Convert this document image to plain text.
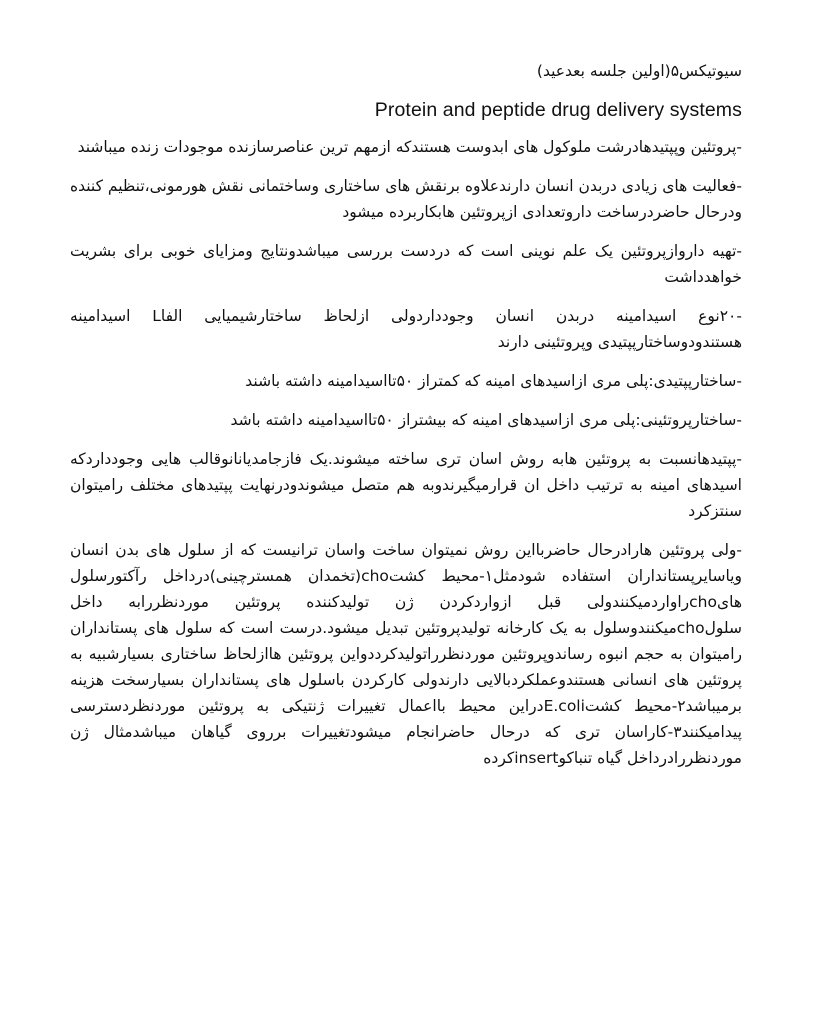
سیوتیکس۵(اولین جلسه بعدعید)
Protein and peptide drug delivery systems

-پروتئین وپپتیدهادرشت ملوکول های ابدوست هستندکه ازمهم ترین عناصرسازنده موجودات زنده میباشند

-فعالیت های زیادی دربدن انسان دارندعلاوه برنقش های ساختاری وساختمانی نقش هورمونی،تنظیم کننده ودرحال حاضردرساخت داروتعدادی ازپروتئین هابکاربرده میشود

-تهیه داروازپروتئین یک علم نوینی است که دردست بررسی میباشدونتایج ومزایای خوبی برای بشریت خواهدداشت

-۲۰نوع اسیدامینه دربدن انسان وجودداردولی ازلحاظ ساختارشیمیایی الفاL اسیدامینه هستندودوساختارپپتیدی وپروتئینی دارند

-ساختارپپتیدی:پلی مری ازاسیدهای امینه که کمتراز ۵۰تااسیدامینه داشته باشند

-ساختارپروتئینی:پلی مری ازاسیدهای امینه که بیشتراز ۵۰تااسیدامینه داشته باشد

-پپتیدهانسبت به پروتئین هابه روش اسان تری ساخته میشوند.یک فازجامدیانانوقالب هایی وجودداردکه اسیدهای امینه به ترتیب داخل ان قرارمیگیرندوبه هم متصل میشوندودرنهایت پپتیدهای مختلف رامیتوان سنتزکرد

-ولی پروتئین هارادرحال حاضربااین روش نمیتوان ساخت واسان ترانیست که از سلول های بدن انسان ویاسایرپستانداران استفاده شودمثل۱-محیط کشتcho(تخمدان همسترچینی)درداخل رآکتورسلول هایchoراواردمیکنندولی قبل ازواردکردن ژن تولیدکننده پروتئین موردنظررابه داخل سلولchoمیکنندوسلول به یک کارخانه تولیدپروتئین تبدیل میشود.درست است که سلول های پستانداران رامیتوان به حجم انبوه رساندوپروتئین موردنظرراتولیدکرددواین پروتئین هاازلحاظ ساختاری بسیارشبیه به پروتئین های انسانی هستندوعملکردبالایی دارندولی کارکردن باسلول های پستانداران بسیارسخت هزینه برمیباشد۲-محیط کشتE.coliدراین محیط بااعمال تغییرات ژنتیکی به پروتئین موردنظردسترسی پیدامیکنند۳-کاراسان تری که درحال حاضرانجام میشودتغییرات برروی گیاهان میباشدمثال ژن موردنظررادرداخل گیاه تنباکوinsertکرده
